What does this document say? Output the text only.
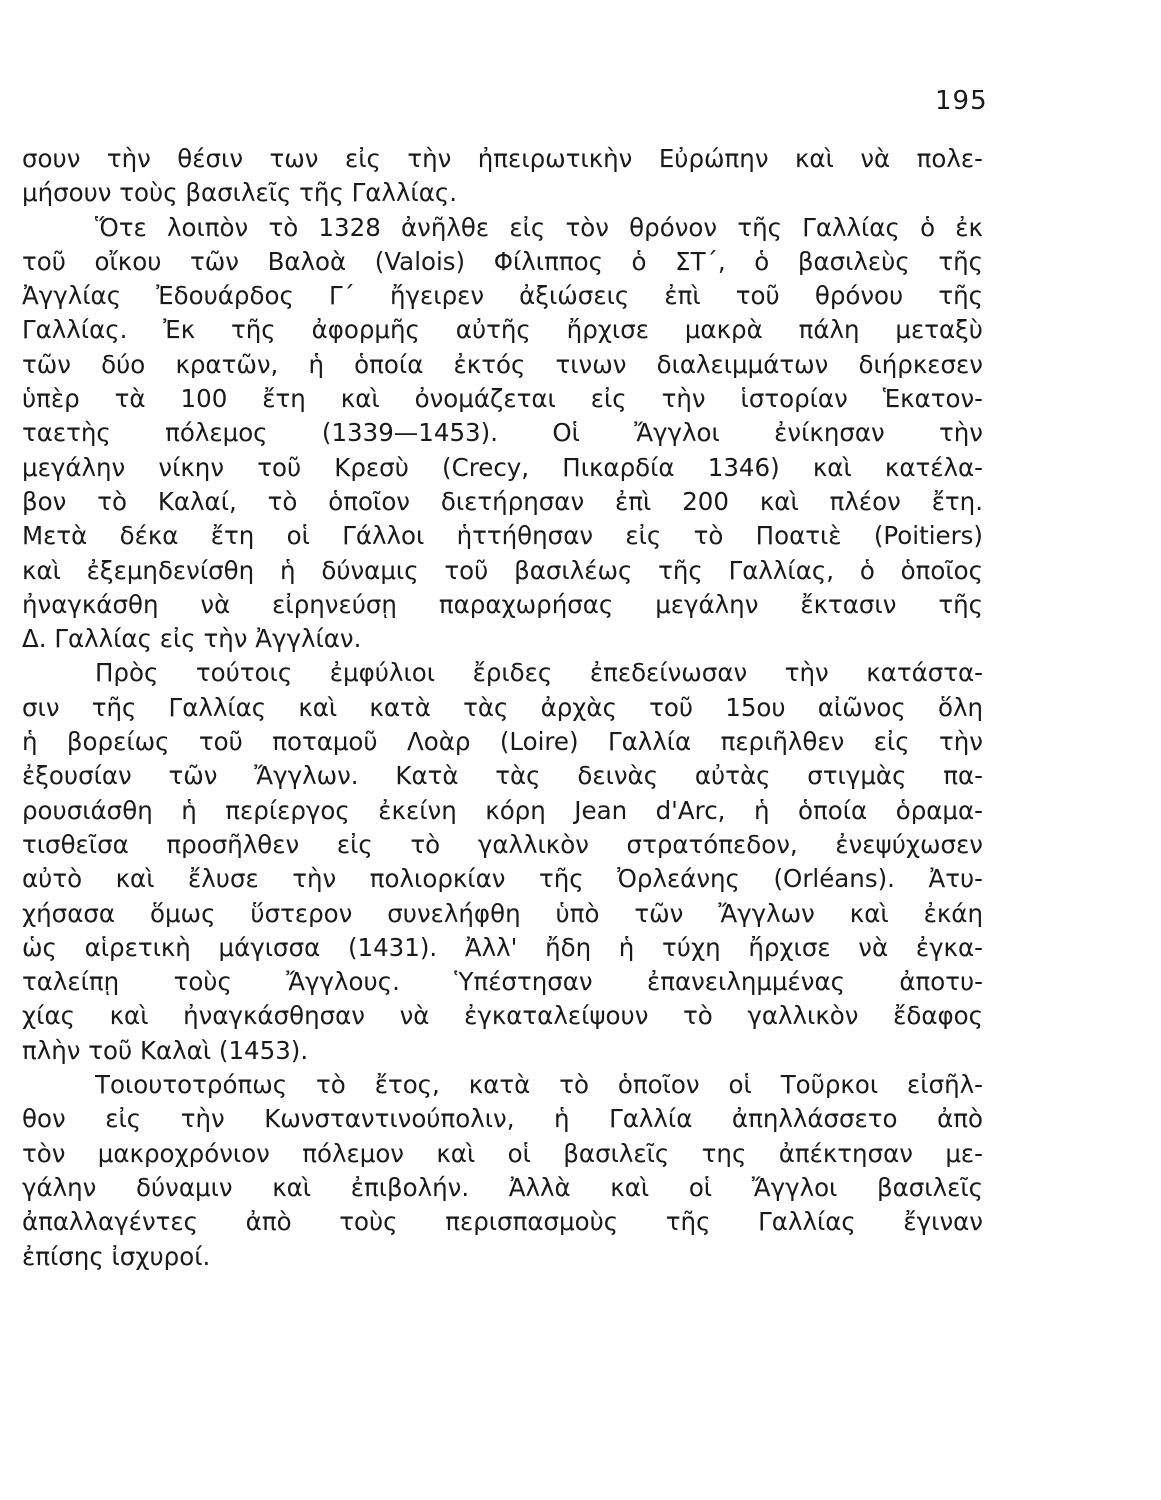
195
σουν τὴν θέσιν των εἰς τὴν ἠπειρωτικὴν Εὐρώπην καὶ νὰ πολε-
μήσουν τοὺς βασιλεῖς τῆς Γαλλίας.
Ὅτε λοιπὸν τὸ 1328 ἀνῆλθε εἰς τὸν θρόνον τῆς Γαλλίας ὁ ἐκ
τοῦ οἴκου τῶν Βαλοὰ (Valois) Φίλιππος ὁ ΣΤ΄, ὁ βασιλεὺς τῆς
Ἀγγλίας Ἐδουάρδος Γ΄ ἤγειρεν ἀξιώσεις ἐπὶ τοῦ θρόνου τῆς
Γαλλίας. Ἐκ τῆς ἀφορμῆς αὐτῆς ἤρχισε μακρὰ πάλη μεταξὺ
τῶν δύο κρατῶν, ἡ ὁποία ἐκτός τινων διαλειμμάτων διήρκεσεν
ὑπὲρ τὰ 100 ἔτη καὶ ὀνομάζεται εἰς τὴν ἱστορίαν Ἑκατον-
ταετὴς πόλεμος (1339—1453). Οἱ Ἄγγλοι ἐνίκησαν τὴν
μεγάλην νίκην τοῦ Κρεσὺ (Crecy, Πικαρδία 1346) καὶ κατέλα-
βον τὸ Καλαί, τὸ ὁποῖον διετήρησαν ἐπὶ 200 καὶ πλέον ἔτη.
Μετὰ δέκα ἔτη οἱ Γάλλοι ἡττήθησαν εἰς τὸ Ποατιὲ (Poitiers)
καὶ ἐξεμηδενίσθη ἡ δύναμις τοῦ βασιλέως τῆς Γαλλίας, ὁ ὁποῖος
ἠναγκάσθη νὰ εἰρηνεύσῃ παραχωρήσας μεγάλην ἔκτασιν τῆς
Δ. Γαλλίας εἰς τὴν Ἀγγλίαν.
Πρὸς τούτοις ἐμφύλιοι ἔριδες ἐπεδείνωσαν τὴν κατάστα-
σιν τῆς Γαλλίας καὶ κατὰ τὰς ἀρχὰς τοῦ 15ου αἰῶνος ὅλη
ἡ βορείως τοῦ ποταμοῦ Λοὰρ (Loire) Γαλλία περιῆλθεν εἰς τὴν
ἐξουσίαν τῶν Ἄγγλων. Κατὰ τὰς δεινὰς αὐτὰς στιγμὰς πα-
ρουσιάσθη ἡ περίεργος ἐκείνη κόρη Jean d'Arc, ἡ ὁποία ὁραμα-
τισθεῖσα προσῆλθεν εἰς τὸ γαλλικὸν στρατόπεδον, ἐνεψύχωσεν
αὐτὸ καὶ ἔλυσε τὴν πολιορκίαν τῆς Ὀρλεάνης (Orléans). Ἀτυ-
χήσασα ὅμως ὕστερον συνελήφθη ὑπὸ τῶν Ἄγγλων καὶ ἐκάη
ὡς αἱρετικὴ μάγισσα (1431). Ἀλλ' ἤδη ἡ τύχη ἤρχισε νὰ ἐγκα-
ταλείπῃ τοὺς Ἄγγλους. Ὑπέστησαν ἐπανειλημμένας ἀποτυ-
χίας καὶ ἠναγκάσθησαν νὰ ἐγκαταλείψουν τὸ γαλλικὸν ἔδαφος
πλὴν τοῦ Καλαὶ (1453).
Τοιουτοτρόπως τὸ ἔτος, κατὰ τὸ ὁποῖον οἱ Τοῦρκοι εἰσῆλ-
θον εἰς τὴν Κωνσταντινούπολιν, ἡ Γαλλία ἀπηλλάσσετο ἀπὸ
τὸν μακροχρόνιον πόλεμον καὶ οἱ βασιλεῖς της ἀπέκτησαν με-
γάλην δύναμιν καὶ ἐπιβολήν. Ἀλλὰ καὶ οἱ Ἄγγλοι βασιλεῖς
ἀπαλλαγέντες ἀπὸ τοὺς περισπασμοὺς τῆς Γαλλίας ἔγιναν
ἐπίσης ἰσχυροί.
